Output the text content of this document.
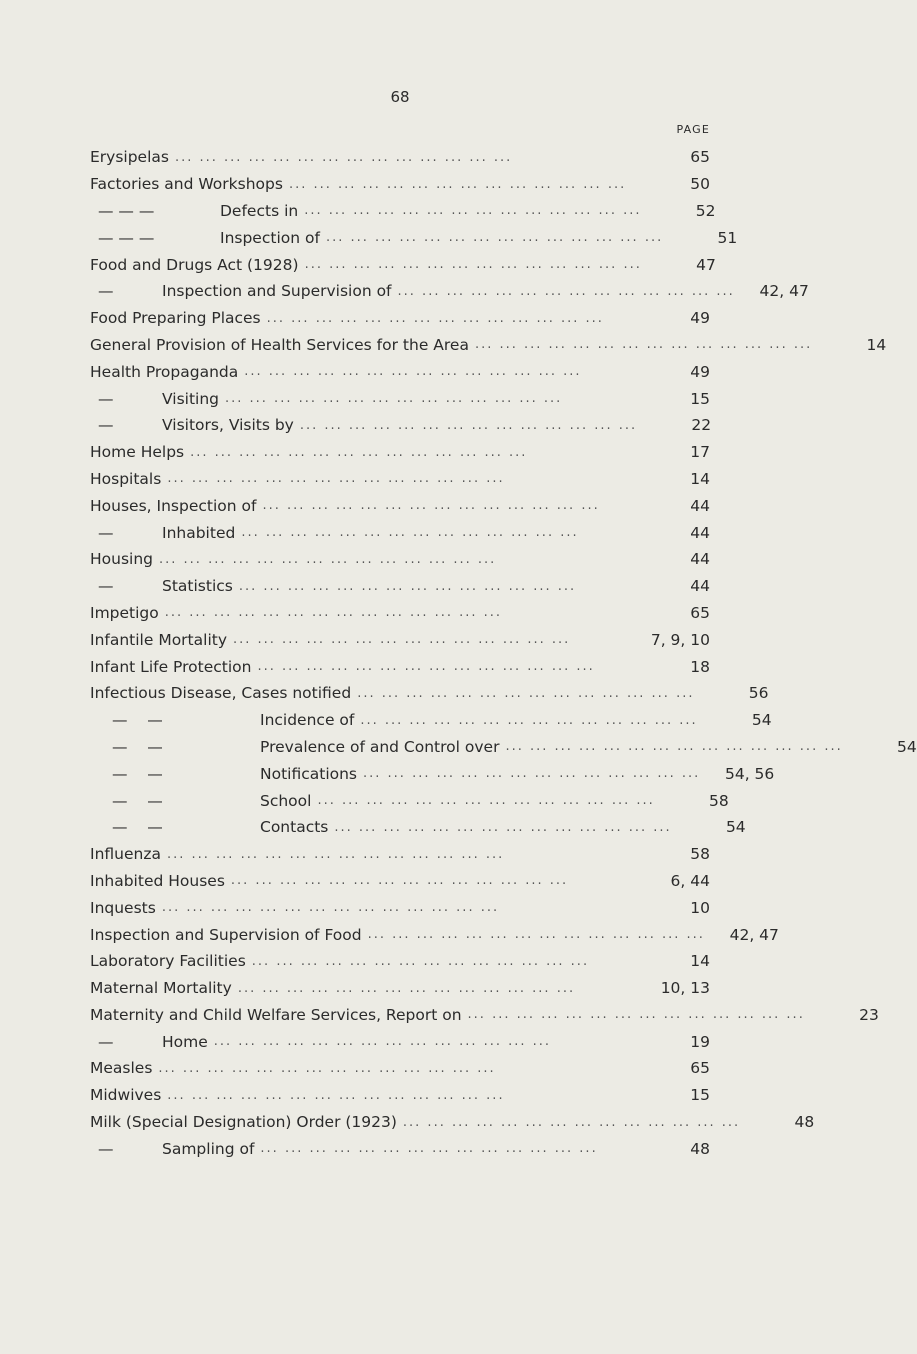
68
PAGE
Erysipelas ... ... ... ... ... ... ... ... ... ... ... ... ... ...	65
Factories and Workshops ... ... ... ... ... ... ... ... ... ... ... ... ... ...	50
— — —	Defects in ... ... ... ... ... ... ... ... ... ... ... ... ... ...	52
— — —	Inspection of ... ... ... ... ... ... ... ... ... ... ... ... ... ...	51
Food and Drugs Act (1928) ... ... ... ... ... ... ... ... ... ... ... ... ... ...	47
—	Inspection and Supervision of ... ... ... ... ... ... ... ... ... ... ... ... ... ...	42, 47
Food Preparing Places ... ... ... ... ... ... ... ... ... ... ... ... ... ...	49
General Provision of Health Services for the Area ... ... ... ... ... ... ... ... ... ... ... ... ... ...	14
Health Propaganda ... ... ... ... ... ... ... ... ... ... ... ... ... ...	49
—	Visiting ... ... ... ... ... ... ... ... ... ... ... ... ... ...	15
—	Visitors, Visits by ... ... ... ... ... ... ... ... ... ... ... ... ... ...	22
Home Helps ... ... ... ... ... ... ... ... ... ... ... ... ... ...	17
Hospitals ... ... ... ... ... ... ... ... ... ... ... ... ... ...	14
Houses, Inspection of ... ... ... ... ... ... ... ... ... ... ... ... ... ...	44
—	Inhabited ... ... ... ... ... ... ... ... ... ... ... ... ... ...	44
Housing ... ... ... ... ... ... ... ... ... ... ... ... ... ...	44
—	Statistics ... ... ... ... ... ... ... ... ... ... ... ... ... ...	44
Impetigo ... ... ... ... ... ... ... ... ... ... ... ... ... ...	65
Infantile Mortality ... ... ... ... ... ... ... ... ... ... ... ... ... ...	7, 9, 10
Infant Life Protection ... ... ... ... ... ... ... ... ... ... ... ... ... ...	18
Infectious Disease, Cases notified ... ... ... ... ... ... ... ... ... ... ... ... ... ...	56
—    —	Incidence of ... ... ... ... ... ... ... ... ... ... ... ... ... ...	54
—    —	Prevalence of and Control over ... ... ... ... ... ... ... ... ... ... ... ... ... ...	54
—    —	Notifications ... ... ... ... ... ... ... ... ... ... ... ... ... ...	54, 56
—    —	School ... ... ... ... ... ... ... ... ... ... ... ... ... ...	58
—    —	Contacts ... ... ... ... ... ... ... ... ... ... ... ... ... ...	54
Influenza ... ... ... ... ... ... ... ... ... ... ... ... ... ...	58
Inhabited Houses ... ... ... ... ... ... ... ... ... ... ... ... ... ...	6, 44
Inquests ... ... ... ... ... ... ... ... ... ... ... ... ... ...	10
Inspection and Supervision of Food ... ... ... ... ... ... ... ... ... ... ... ... ... ...	42, 47
Laboratory Facilities ... ... ... ... ... ... ... ... ... ... ... ... ... ...	14
Maternal Mortality ... ... ... ... ... ... ... ... ... ... ... ... ... ...	10, 13
Maternity and Child Welfare Services, Report on ... ... ... ... ... ... ... ... ... ... ... ... ... ...	23
—	Home ... ... ... ... ... ... ... ... ... ... ... ... ... ...	19
Measles ... ... ... ... ... ... ... ... ... ... ... ... ... ...	65
Midwives ... ... ... ... ... ... ... ... ... ... ... ... ... ...	15
Milk (Special Designation) Order (1923) ... ... ... ... ... ... ... ... ... ... ... ... ... ...	48
—	Sampling of ... ... ... ... ... ... ... ... ... ... ... ... ... ...	48
